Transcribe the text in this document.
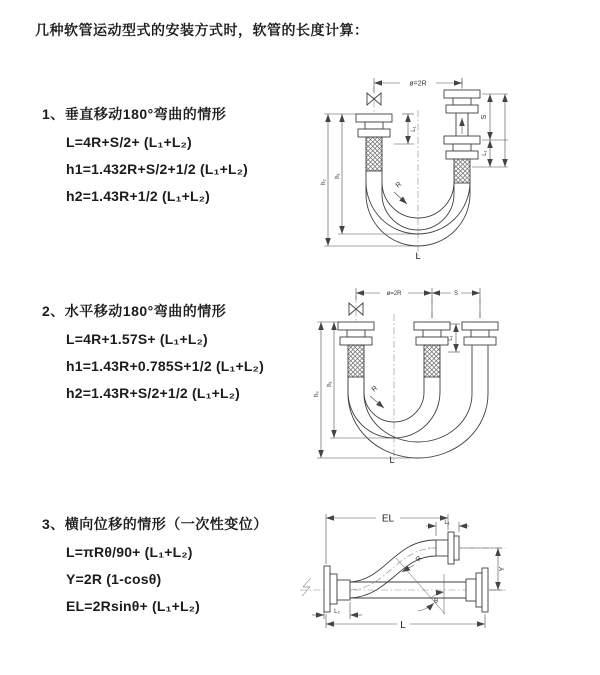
几种软管运动型式的安装方式时，软管的长度计算：
1、垂直移动180°弯曲的情形
L=4R+S/2+ (L₁+L₂)
h1=1.432R+S/2+1/2 (L₁+L₂)
h2=1.43R+1/2 (L₁+L₂)
ø=2R
L₁
S
L₁
R
h₂
h₁
L
2、水平移动180°弯曲的情形
L=4R+1.57S+ (L₁+L₂)
h1=1.43R+0.785S+1/2 (L₁+L₂)
h2=1.43R+S/2+1/2 (L₁+L₂)
ø=2R	S
L₁
R
h₂
h₁
L
3、横向位移的情形（一次性变位）
L=πRθ/90+ (L₁+L₂)
Y=2R (1-cosθ)
EL=2Rsinθ+ (L₁+L₂)
EL	L₁
Y
R
θ
L₂
L
